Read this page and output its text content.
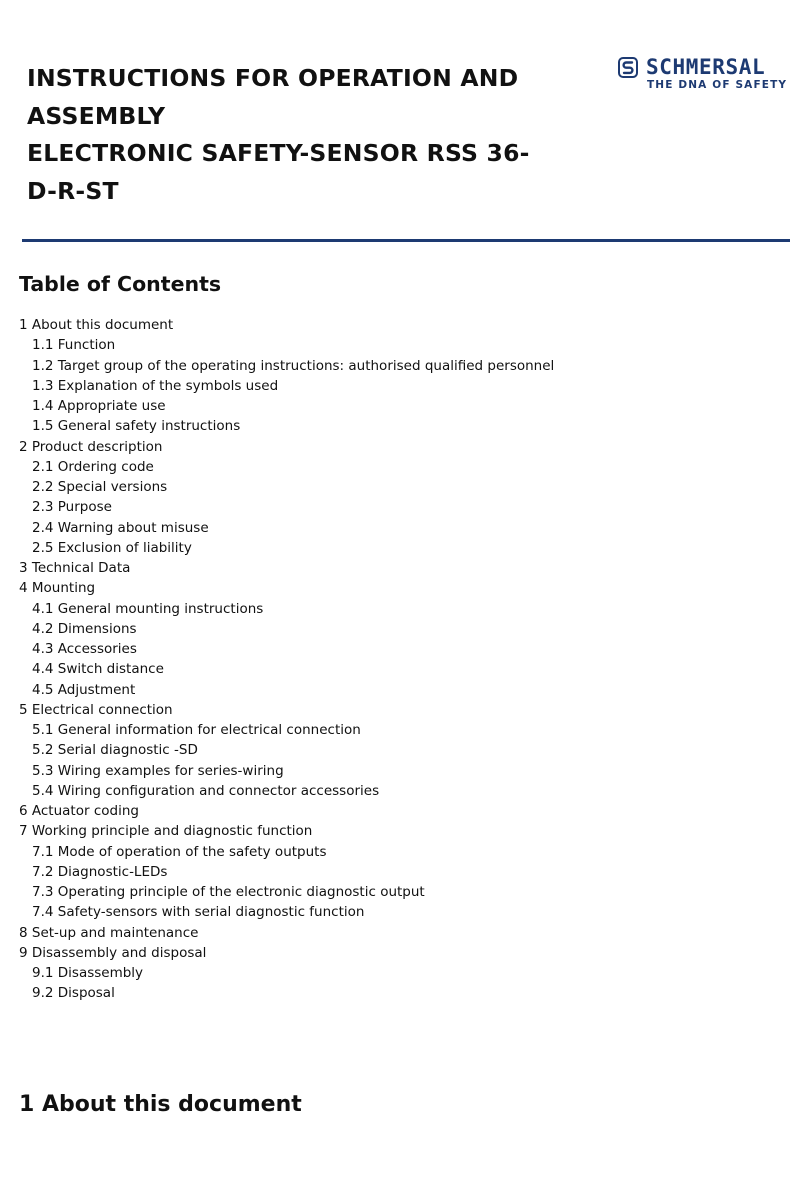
INSTRUCTIONS FOR OPERATION AND
ASSEMBLY
ELECTRONIC SAFETY-SENSOR RSS 36-
D-R-ST
SCHMERSAL
THE DNA OF SAFETY
Table of Contents
1 About this document
1.1 Function
1.2 Target group of the operating instructions: authorised qualified personnel
1.3 Explanation of the symbols used
1.4 Appropriate use
1.5 General safety instructions
2 Product description
2.1 Ordering code
2.2 Special versions
2.3 Purpose
2.4 Warning about misuse
2.5 Exclusion of liability
3 Technical Data
4 Mounting
4.1 General mounting instructions
4.2 Dimensions
4.3 Accessories
4.4 Switch distance
4.5 Adjustment
5 Electrical connection
5.1 General information for electrical connection
5.2 Serial diagnostic -SD
5.3 Wiring examples for series-wiring
5.4 Wiring configuration and connector accessories
6 Actuator coding
7 Working principle and diagnostic function
7.1 Mode of operation of the safety outputs
7.2 Diagnostic-LEDs
7.3 Operating principle of the electronic diagnostic output
7.4 Safety-sensors with serial diagnostic function
8 Set-up and maintenance
9 Disassembly and disposal
9.1 Disassembly
9.2 Disposal
1 About this document
